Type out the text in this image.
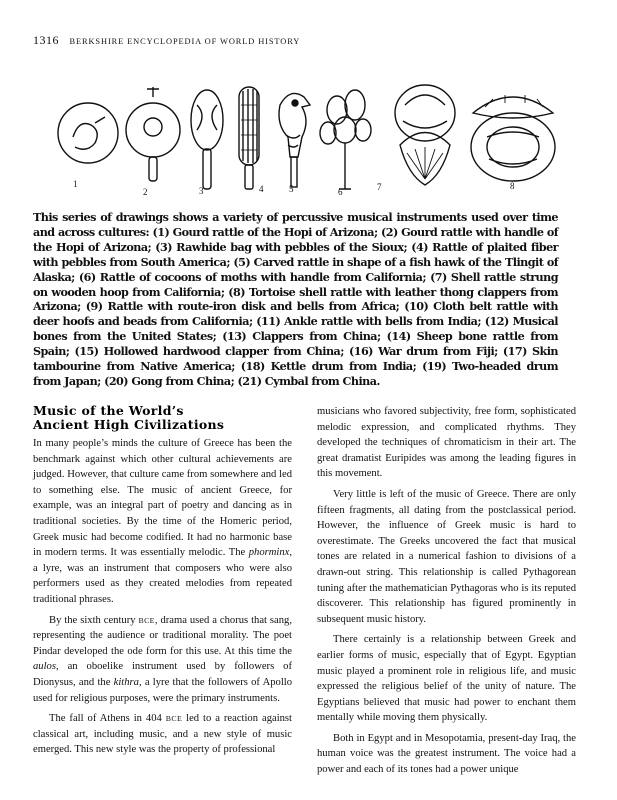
1316 BERKSHIRE ENCYCLOPEDIA OF WORLD HISTORY
1
2	3	4	5	6	7	8
This series of drawings shows a variety of percussive musical instruments used over time and across cultures: (1) Gourd rattle of the Hopi of Arizona; (2) Gourd rattle with handle of the Hopi of Arizona; (3) Rawhide bag with pebbles of the Sioux; (4) Rattle of plaited fiber with pebbles from South America; (5) Carved rattle in shape of a fish hawk of the Tlingit of Alaska; (6) Rattle of cocoons of moths with handle from California; (7) Shell rattle strung on wooden hoop from California; (8) Tortoise shell rattle with leather thong clappers from Arizona; (9) Rattle with route-iron disk and bells from Africa; (10) Cloth belt rattle with deer hoofs and beads from California; (11) Ankle rattle with bells from India; (12) Musical bones from the United States; (13) Clappers from China; (14) Sheep bone rattle from Spain; (15) Hollowed hardwood clapper from China; (16) War drum from Fiji; (17) Skin tambourine from Native America; (18) Kettle drum from India; (19) Two-headed drum from Japan; (20) Gong from China; (21) Cymbal from China.
Music of the World’s
Ancient High Civilizations

In many people’s minds the culture of Greece has been the benchmark against which other cultural achievements are judged. However, that culture came from somewhere and led to something else. The music of ancient Greece, for example, was an integral part of poetry and dancing as in traditional societies. By the time of the Homeric period, Greek music had become codified. It had no harmonic base in modern terms. It was essentially melodic. The phorminx, a lyre, was an instrument that composers who were also performers used as they created melodies from repeated traditional phrases.

By the sixth century BCE, drama used a chorus that sang, representing the audience or traditional morality. The poet Pindar developed the ode form for this use. At this time the aulos, an oboelike instrument used by followers of Dionysus, and the kithra, a lyre that the followers of Apollo used for religious purposes, were the primary instruments.

The fall of Athens in 404 BCE led to a reaction against classical art, including music, and a new style of music emerged. This new style was the property of professional

musicians who favored subjectivity, free form, sophisticated melodic expression, and complicated rhythms. They developed the techniques of chromaticism in their art. The great dramatist Euripides was among the leading figures in this movement.

Very little is left of the music of Greece. There are only fifteen fragments, all dating from the postclassical period. However, the influence of Greek music is hard to overestimate. The Greeks uncovered the fact that musical tones are related in a numerical fashion to divisions of a drawn-out string. This relationship is called Pythagorean tuning after the mathematician Pythagoras who is its reputed discoverer. This relationship has figured prominently in subsequent music history.

There certainly is a relationship between Greek and earlier forms of music, especially that of Egypt. Egyptian music played a prominent role in religious life, and music expressed the religious belief of the unity of nature. The Egyptians believed that music had power to enchant them mentally while moving them physically.

Both in Egypt and in Mesopotamia, present-day Iraq, the human voice was the greatest instrument. The voice had a power and each of its tones had a power unique
